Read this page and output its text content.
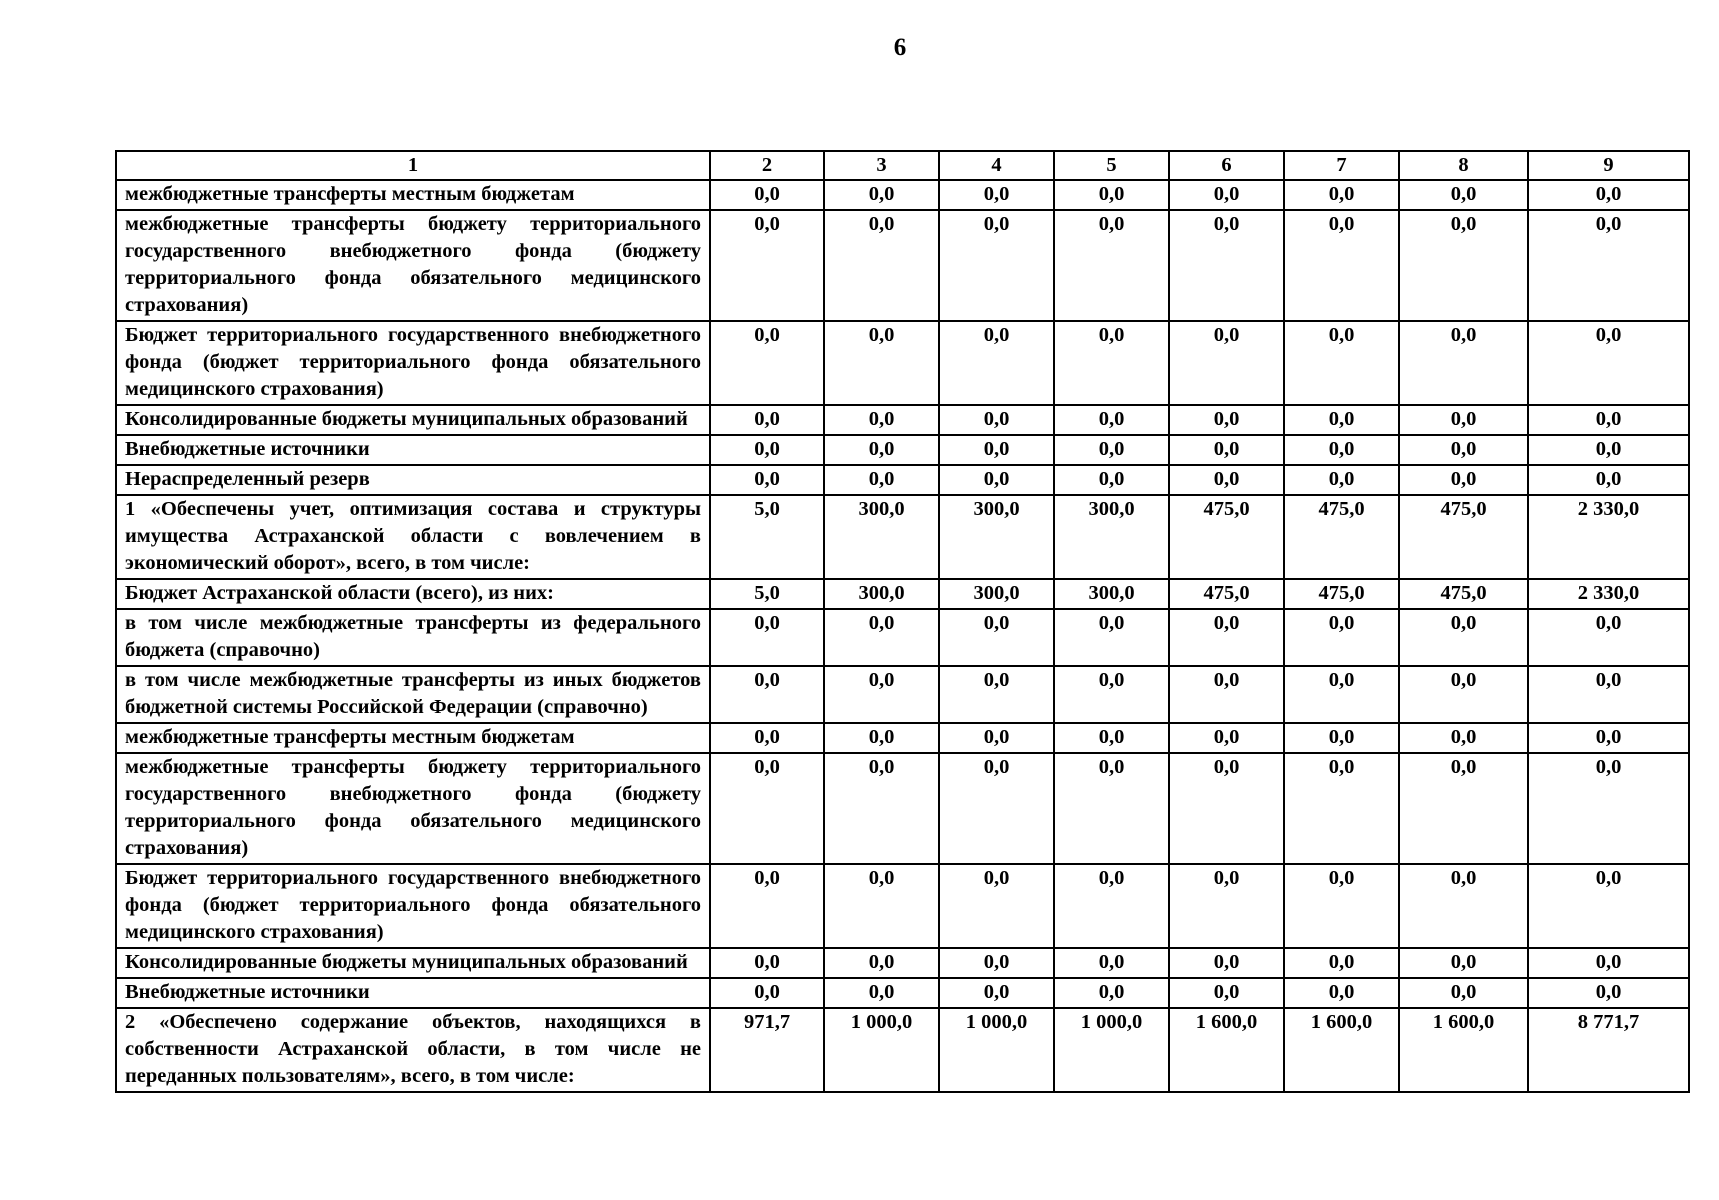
6
1	2	3	4	5	6	7	8	9
межбюджетные трансферты местным бюджетам	0,0	0,0	0,0	0,0	0,0	0,0	0,0	0,0
межбюджетные трансферты бюджету территориального государственного внебюджетного фонда (бюджету территориального фонда обязательного медицинского страхования)	0,0	0,0	0,0	0,0	0,0	0,0	0,0	0,0
Бюджет территориального государственного внебюджетного фонда (бюджет территориального фонда обязательного медицинского страхования)	0,0	0,0	0,0	0,0	0,0	0,0	0,0	0,0
Консолидированные бюджеты муниципальных образований	0,0	0,0	0,0	0,0	0,0	0,0	0,0	0,0
Внебюджетные источники	0,0	0,0	0,0	0,0	0,0	0,0	0,0	0,0
Нераспределенный резерв	0,0	0,0	0,0	0,0	0,0	0,0	0,0	0,0
1 «Обеспечены учет, оптимизация состава и структуры имущества Астраханской области с вовлечением в экономический оборот», всего, в том числе:	5,0	300,0	300,0	300,0	475,0	475,0	475,0	2 330,0
Бюджет Астраханской области (всего), из них:	5,0	300,0	300,0	300,0	475,0	475,0	475,0	2 330,0
в том числе межбюджетные трансферты из федерального бюджета (справочно)	0,0	0,0	0,0	0,0	0,0	0,0	0,0	0,0
в том числе межбюджетные трансферты из иных бюджетов бюджетной системы Российской Федерации (справочно)	0,0	0,0	0,0	0,0	0,0	0,0	0,0	0,0
межбюджетные трансферты местным бюджетам	0,0	0,0	0,0	0,0	0,0	0,0	0,0	0,0
межбюджетные трансферты бюджету территориального государственного внебюджетного фонда (бюджету территориального фонда обязательного медицинского страхования)	0,0	0,0	0,0	0,0	0,0	0,0	0,0	0,0
Бюджет территориального государственного внебюджетного фонда (бюджет территориального фонда обязательного медицинского страхования)	0,0	0,0	0,0	0,0	0,0	0,0	0,0	0,0
Консолидированные бюджеты муниципальных образований	0,0	0,0	0,0	0,0	0,0	0,0	0,0	0,0
Внебюджетные источники	0,0	0,0	0,0	0,0	0,0	0,0	0,0	0,0
2 «Обеспечено содержание объектов, находящихся в собственности Астраханской области, в том числе не переданных пользователям», всего, в том числе:	971,7	1 000,0	1 000,0	1 000,0	1 600,0	1 600,0	1 600,0	8 771,7
